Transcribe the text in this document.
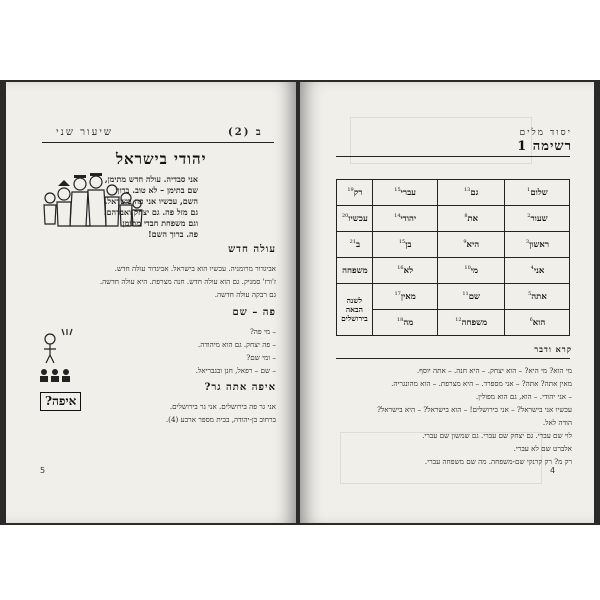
שיעור שני	ב (2)
יהודי בישראל
אני סבדיה. עולה חדש מתימן,
שם בתימן – לא טוב. ברוך
השם, עכשיו אני פה בישראל.
גם מזל פה. גם יצחק ואברהם.
וגם משפחת חבדי מתימן
פה. ברוך השם!
עולה חדש
אביגדור מרומניה. עכשיו הוא בישראל. אביגדור עולה חדש.
ז'ורז' סמניק. גם הוא עולה חדש. חנה מצרפת. היא עולה חדשה.
גם רבקה עולה חדשה.
פה – שם
– מי פה?
– פה יצחק. גם הוא מיהודה.
– ומי שם?
– שם – רפאל, חנן ובגבריאל.
איפה אתה גר?
אני גר פה בירושלים. אני גר בירושלים.
ברחוב בן-יהודה, בבית מספר ארבע (4).
איפה?
5
יסוד מלים
רשימה 1
שלום$^1$	גם$^{13}$	עברי$^{15}$	רק$^{19}$
שעור$^2$	את$^8$	יהודי$^{14}$	עכשיו$^{20}$
ראשון$^3$	היא$^9$	בן$^{15}$	ב$^{21}$
אני$^4$	מי$^{10}$	לא$^{16}$	משפחה
אתה$^5$	שם$^{11}$	מאין$^{17}$	לשנה הבאה בירושלים
הוא$^6$	משפחה$^{12}$	מה$^{18}$
קרא ודבר
מי הוא? מי היא? – הוא יצחק. – היא חנה. – אתה יוסף.
מאין אתה? אתה? – אני מספרד. – היא מצרפת. – הוא מהונגריה.
– אני יהודי. – הוא, גם הוא מפולין.
עכשיו אני בישראל? – אני בירושלים! – הוא בישראל? – היא בישראל?
הודה לאל.
לוי שם עברי. גם יצחק שם עברי. גם שמשון שם עברי.
אלברט שם לא עברי.
רק מ? רק קרנקי שם-משפחה. מה שם משפחה עברי.
4
